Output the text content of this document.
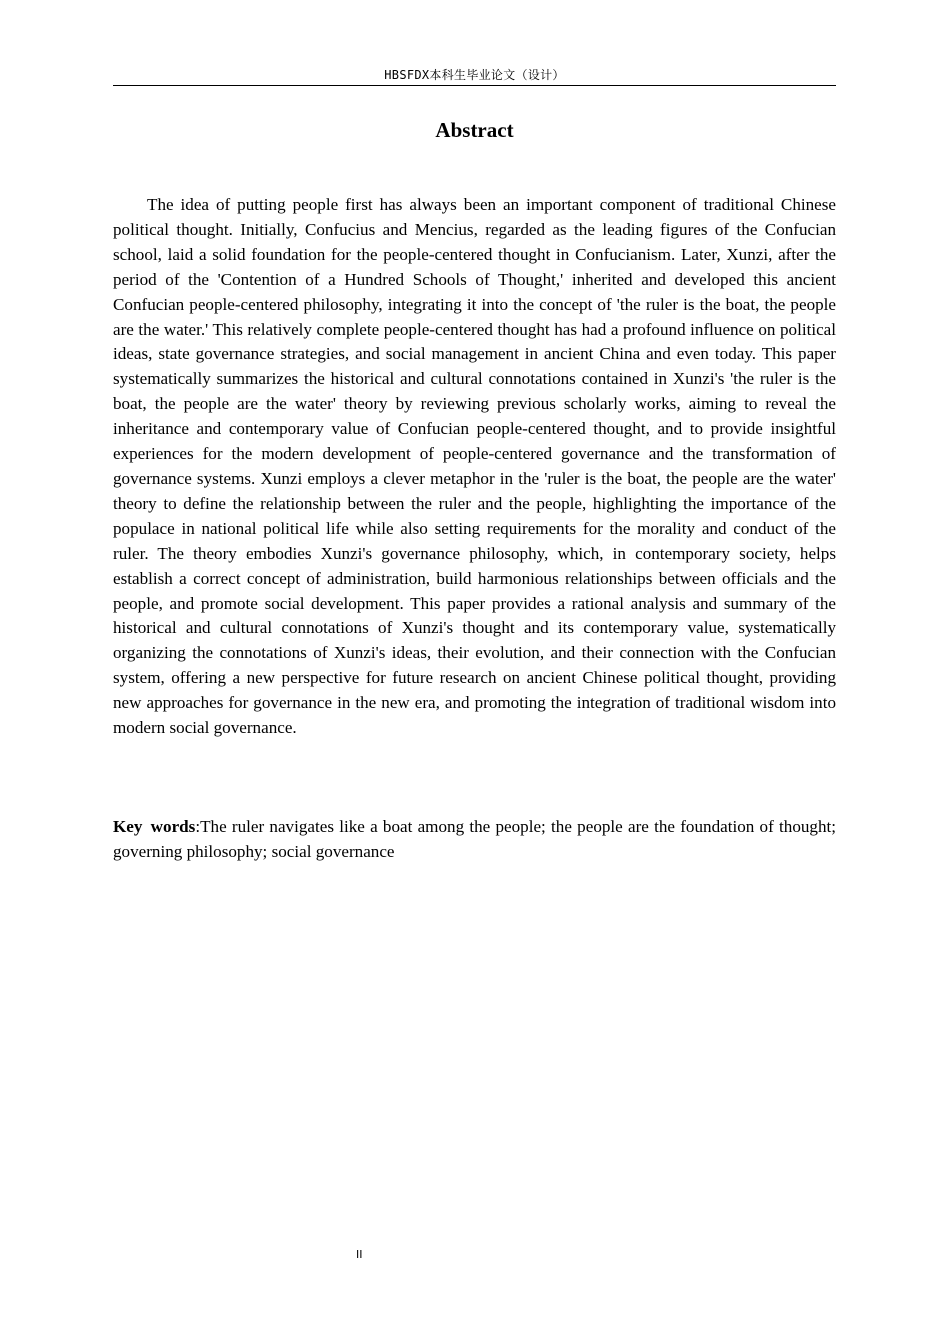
HBSFDX本科生毕业论文（设计）
Abstract

The idea of putting people first has always been an important component of traditional Chinese political thought. Initially, Confucius and Mencius, regarded as the leading figures of the Confucian school, laid a solid foundation for the people-centered thought in Confucianism. Later, Xunzi, after the period of the 'Contention of a Hundred Schools of Thought,' inherited and developed this ancient Confucian people-centered philosophy, integrating it into the concept of 'the ruler is the boat, the people are the water.' This relatively complete people-centered thought has had a profound influence on political ideas, state governance strategies, and social management in ancient China and even today. This paper systematically summarizes the historical and cultural connotations contained in Xunzi's 'the ruler is the boat, the people are the water' theory by reviewing previous scholarly works, aiming to reveal the inheritance and contemporary value of Confucian people-centered thought, and to provide insightful experiences for the modern development of people-centered governance and the transformation of governance systems. Xunzi employs a clever metaphor in the 'ruler is the boat, the people are the water' theory to define the relationship between the ruler and the people, highlighting the importance of the populace in national political life while also setting requirements for the morality and conduct of the ruler. The theory embodies Xunzi's governance philosophy, which, in contemporary society, helps establish a correct concept of administration, build harmonious relationships between officials and the people, and promote social development. This paper provides a rational analysis and summary of the historical and cultural connotations of Xunzi's thought and its contemporary value, systematically organizing the connotations of Xunzi's ideas, their evolution, and their connection with the Confucian system, offering a new perspective for future research on ancient Chinese political thought, providing new approaches for governance in the new era, and promoting the integration of traditional wisdom into modern social governance.

Key words:The ruler navigates like a boat among the people; the people are the foundation of thought; governing philosophy; social governance

II
